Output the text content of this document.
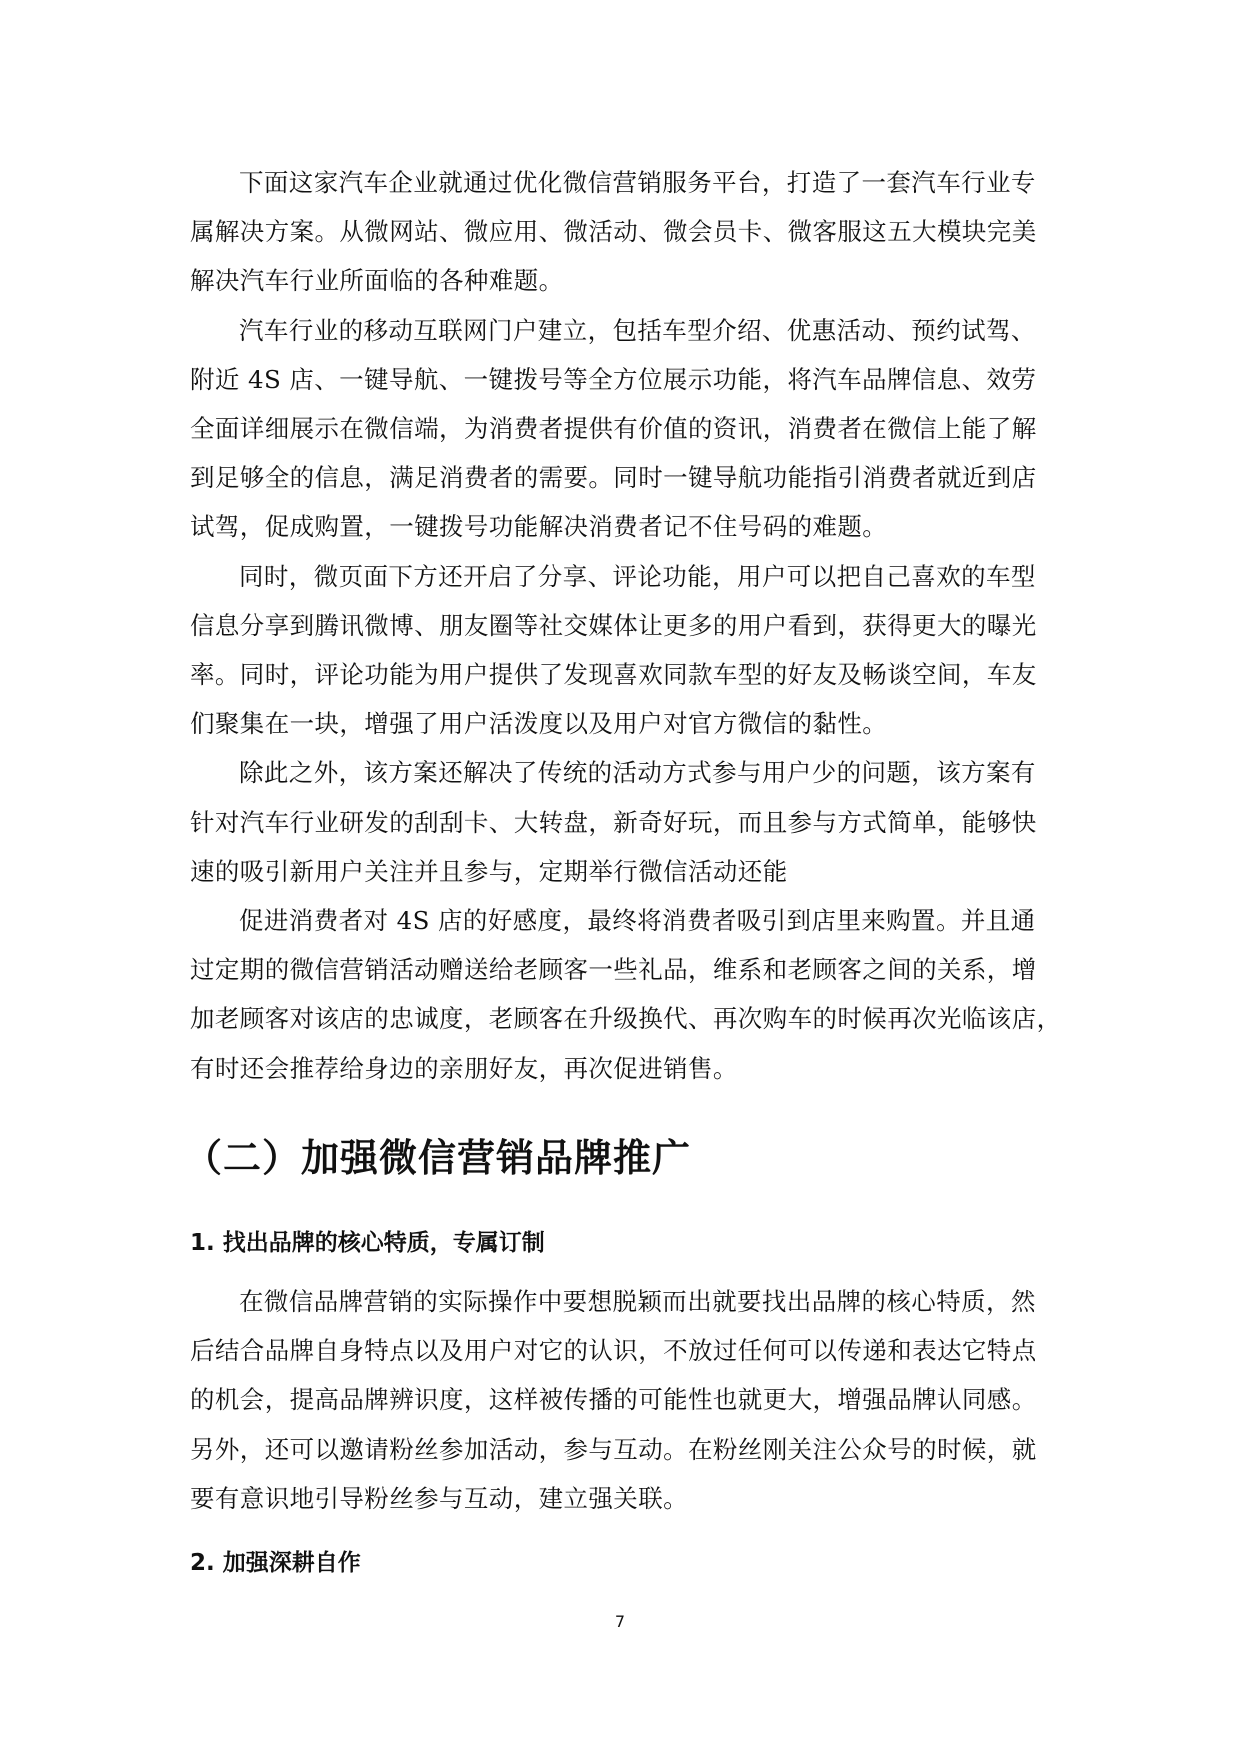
下面这家汽车企业就通过优化微信营销服务平台，打造了一套汽车行业专
属解决方案。从微网站、微应用、微活动、微会员卡、微客服这五大模块完美
解决汽车行业所面临的各种难题。

汽车行业的移动互联网门户建立，包括车型介绍、优惠活动、预约试驾、
附近 4S 店、一键导航、一键拨号等全方位展示功能，将汽车品牌信息、效劳
全面详细展示在微信端，为消费者提供有价值的资讯，消费者在微信上能了解
到足够全的信息，满足消费者的需要。同时一键导航功能指引消费者就近到店
试驾，促成购置，一键拨号功能解决消费者记不住号码的难题。

同时，微页面下方还开启了分享、评论功能，用户可以把自己喜欢的车型
信息分享到腾讯微博、朋友圈等社交媒体让更多的用户看到，获得更大的曝光
率。同时，评论功能为用户提供了发现喜欢同款车型的好友及畅谈空间，车友
们聚集在一块，增强了用户活泼度以及用户对官方微信的黏性。

除此之外，该方案还解决了传统的活动方式参与用户少的问题，该方案有
针对汽车行业研发的刮刮卡、大转盘，新奇好玩，而且参与方式简单，能够快
速的吸引新用户关注并且参与，定期举行微信活动还能

促进消费者对 4S 店的好感度，最终将消费者吸引到店里来购置。并且通
过定期的微信营销活动赠送给老顾客一些礼品，维系和老顾客之间的关系，增
加老顾客对该店的忠诚度，老顾客在升级换代、再次购车的时候再次光临该店，
有时还会推荐给身边的亲朋好友，再次促进销售。

（二）加强微信营销品牌推广
1. 找出品牌的核心特质，专属订制

在微信品牌营销的实际操作中要想脱颖而出就要找出品牌的核心特质，然
后结合品牌自身特点以及用户对它的认识，不放过任何可以传递和表达它特点
的机会，提高品牌辨识度，这样被传播的可能性也就更大，增强品牌认同感。
另外，还可以邀请粉丝参加活动，参与互动。在粉丝刚关注公众号的时候，就
要有意识地引导粉丝参与互动，建立强关联。

2. 加强深耕自作
7
